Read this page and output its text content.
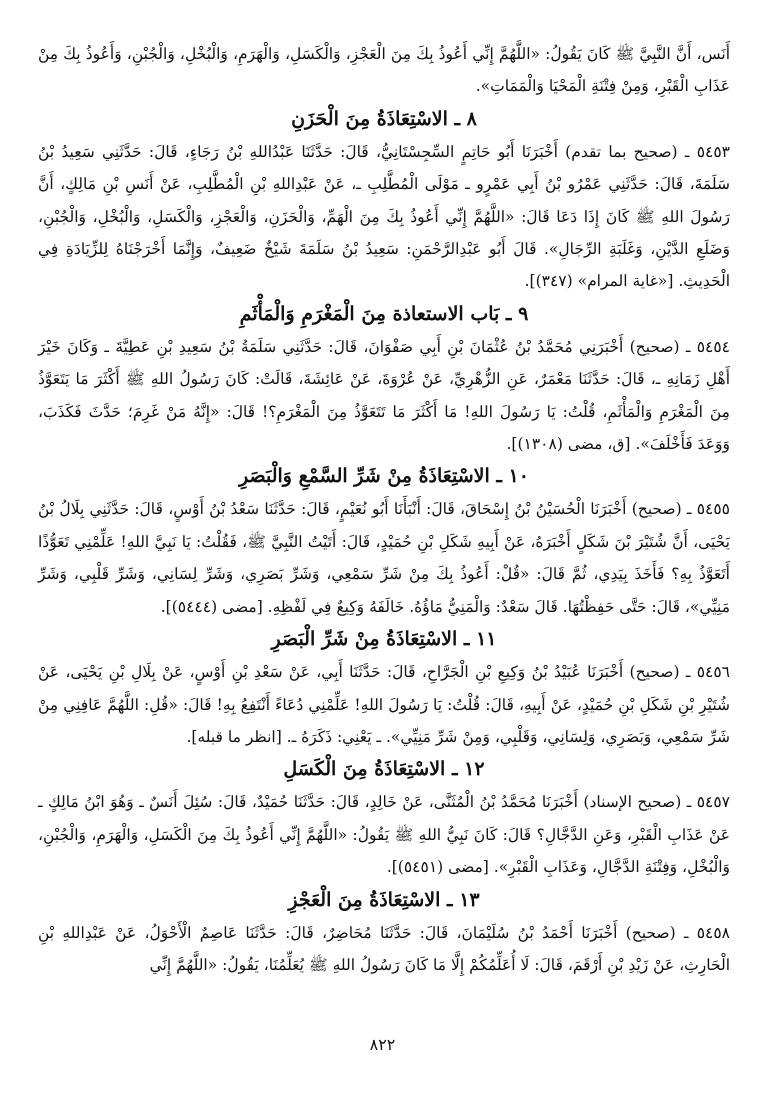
أَنَس، أَنَّ النَّبِيَّ ﷺ كَانَ يَقُولُ: «اللَّهُمَّ إِنِّي أَعُوذُ بِكَ مِنَ الْعَجْزِ، وَالْكَسَلِ، وَالْهَرَمِ، وَالْبُخْلِ، وَالْجُبْنِ، وَأَعُوذُ بِكَ مِنْ عَذَابِ الْقَبْرِ، وَمِنْ فِتْنَةِ الْمَحْيَا وَالْمَمَاتِ».

٨ ـ الاسْتِعَاذَةُ مِنَ الْحَزَنِ

٥٤٥٣ ـ (صحيح بما تقدم) أَخْبَرَنَا أَبُو حَاتِمٍ السِّجِسْتَانِيُّ، قَالَ: حَدَّثَنَا عَبْدُاللهِ بْنُ رَجَاءٍ، قَالَ: حَدَّثَنِي سَعِيدُ بْنُ سَلَمَةَ، قَالَ: حَدَّثَنِي عَمْرُو بْنُ أَبِي عَمْرٍو ـ مَوْلَى الْمُطَّلِبِ ـ، عَنْ عَبْدِاللهِ بْنِ الْمُطَّلِبِ، عَنْ أَنَسِ بْنِ مَالِكٍ، أَنَّ رَسُولَ اللهِ ﷺ كَانَ إِذَا دَعَا قَالَ: «اللَّهُمَّ إِنِّي أَعُوذُ بِكَ مِنَ الْهَمِّ، وَالْحَزَنِ، وَالْعَجْزِ، وَالْكَسَلِ، وَالْبُخْلِ، وَالْجُبْنِ، وَضَلَعِ الدَّيْنِ، وَغَلَبَةِ الرِّجَالِ». قَالَ أَبُو عَبْدِالرَّحْمَنِ: سَعِيدُ بْنُ سَلَمَةَ شَيْخٌ ضَعِيفٌ، وَإِنَّمَا أَخْرَجْنَاهُ لِلزِّيَادَةِ فِي الْحَدِيثِ. [«غاية المرام» (٣٤٧)].

٩ ـ بَاب الاستعاذة مِنَ الْمَغْرَمِ وَالْمَأْثَمِ

٥٤٥٤ ـ (صحيح) أَخْبَرَنِي مُحَمَّدُ بْنُ عُثْمَانَ بْنِ أَبِي صَفْوَانَ، قَالَ: حَدَّثَنِي سَلَمَةُ بْنُ سَعِيدِ بْنِ عَطِيَّةَ ـ وَكَانَ خَيْرَ أَهْلِ زَمَانِهِ ـ، قَالَ: حَدَّثَنَا مَعْمَرٌ، عَنِ الزُّهْرِيِّ، عَنْ عُرْوَةَ، عَنْ عَائِشَةَ، قَالَتْ: كَانَ رَسُولُ اللهِ ﷺ أَكْثَرَ مَا يَتَعَوَّذُ مِنَ الْمَغْرَمِ وَالْمَأْثَمِ، قُلْتُ: يَا رَسُولَ اللهِ! مَا أَكْثَرَ مَا تَتَعَوَّذُ مِنَ الْمَغْرَمِ؟! قَالَ: «إِنَّهُ مَنْ غَرِمَ؛ حَدَّثَ فَكَذَبَ، وَوَعَدَ فَأَخْلَفَ». [ق، مضى (١٣٠٨)].

١٠ ـ الاسْتِعَاذَةُ مِنْ شَرِّ السَّمْعِ وَالْبَصَرِ

٥٤٥٥ ـ (صحيح) أَخْبَرَنَا الْحُسَيْنُ بْنُ إِسْحَاقَ، قَالَ: أَنْبَأَنَا أَبُو نُعَيْمٍ، قَالَ: حَدَّثَنَا سَعْدُ بْنُ أَوْسٍ، قَالَ: حَدَّثَنِي بِلَالُ بْنُ يَحْيَى، أَنَّ شُتَيْرَ بْنَ شَكَلٍ أَخْبَرَهُ، عَنْ أَبِيهِ شَكَلِ بْنِ حُمَيْدٍ، قَالَ: أَتَيْتُ النَّبِيَّ ﷺ، فَقُلْتُ: يَا نَبِيَّ اللهِ! عَلِّمْنِي تَعَوُّذًا أَتَعَوَّذُ بِهِ؟ فَأَخَذَ بِيَدِي، ثُمَّ قَالَ: «قُلْ: أَعُوذُ بِكَ مِنْ شَرِّ سَمْعِي، وَشَرِّ بَصَرِي، وَشَرِّ لِسَانِي، وَشَرِّ قَلْبِي، وَشَرِّ مَنِيِّي»، قَالَ: حَتَّى حَفِظْتُهَا. قَالَ سَعْدٌ: وَالْمَنِيُّ مَاؤُهُ. خَالَفَهُ وَكِيعٌ فِي لَفْظِهِ. [مضى (٥٤٤٤)].

١١ ـ الاسْتِعَاذَةُ مِنْ شَرِّ الْبَصَرِ

٥٤٥٦ ـ (صحيح) أَخْبَرَنَا عُبَيْدُ بْنُ وَكِيعِ بْنِ الْجَرَّاحِ، قَالَ: حَدَّثَنَا أَبِي، عَنْ سَعْدِ بْنِ أَوْسٍ، عَنْ بِلَالِ بْنِ يَحْيَى، عَنْ شُتَيْرِ بْنِ شَكَلِ بْنِ حُمَيْدٍ، عَنْ أَبِيهِ، قَالَ: قُلْتُ: يَا رَسُولَ اللهِ! عَلِّمْنِي دُعَاءً أَنْتَفِعُ بِهِ! قَالَ: «قُلِ: اللَّهُمَّ عَافِنِي مِنْ شَرِّ سَمْعِي، وَبَصَرِي، وَلِسَانِي، وَقَلْبِي، وَمِنْ شَرِّ مَنِيِّي». ـ يَعْنِي: ذَكَرَهُ ـ. [انظر ما قبله].

١٢ ـ الاسْتِعَاذَةُ مِنَ الْكَسَلِ

٥٤٥٧ ـ (صحيح الإسناد) أَخْبَرَنَا مُحَمَّدُ بْنُ الْمُثَنَّى، عَنْ خَالِدٍ، قَالَ: حَدَّثَنَا حُمَيْدٌ، قَالَ: سُئِلَ أَنَسٌ ـ وَهُوَ ابْنُ مَالِكٍ ـ عَنْ عَذَابِ الْقَبْرِ، وَعَنِ الدَّجَّالِ؟ قَالَ: كَانَ نَبِيُّ اللهِ ﷺ يَقُولُ: «اللَّهُمَّ إِنِّي أَعُوذُ بِكَ مِنَ الْكَسَلِ، وَالْهَرَمِ، وَالْجُبْنِ، وَالْبُخْلِ، وَفِتْنَةِ الدَّجَّالِ، وَعَذَابِ الْقَبْرِ». [مضى (٥٤٥١)].

١٣ ـ الاسْتِعَاذَةُ مِنَ الْعَجْزِ

٥٤٥٨ ـ (صحيح) أَخْبَرَنَا أَحْمَدُ بْنُ سُلَيْمَانَ، قَالَ: حَدَّثَنَا مُحَاضِرٌ، قَالَ: حَدَّثَنَا عَاصِمٌ الْأَحْوَلُ، عَنْ عَبْدِاللهِ بْنِ الْحَارِثِ، عَنْ زَيْدِ بْنِ أَرْقَمَ، قَالَ: لَا أُعَلِّمُكُمْ إِلَّا مَا كَانَ رَسُولُ اللهِ ﷺ يُعَلِّمُنَا، يَقُولُ: «اللَّهُمَّ إِنِّي

٨٢٢
